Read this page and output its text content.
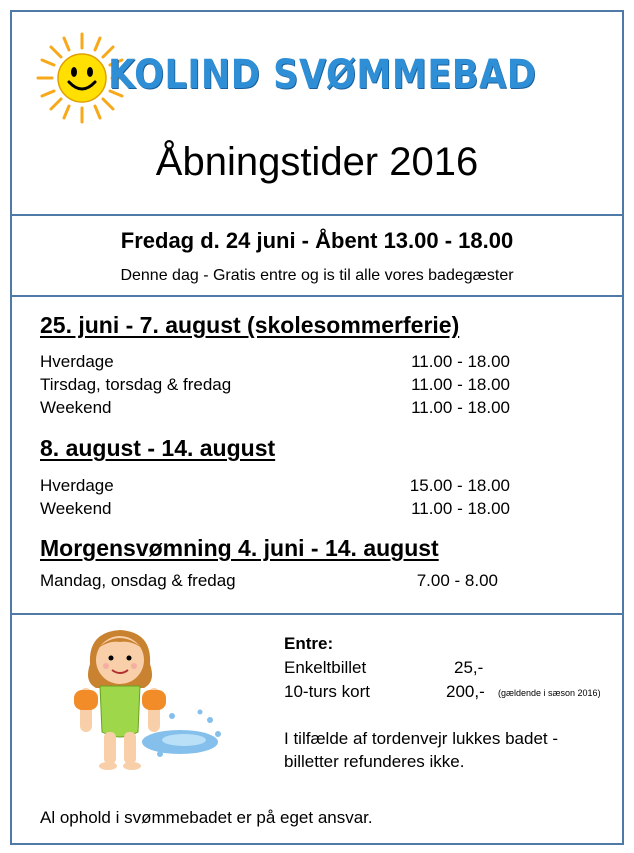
KOLIND SVØMMEBAD
Åbningstider 2016
Fredag d. 24 juni - Åbent 13.00 - 18.00
Denne dag - Gratis entre og is til alle vores badegæster
25. juni - 7. august (skolesommerferie)
Hverdage	11.00 - 18.00
Tirsdag, torsdag & fredag	11.00 - 18.00
Weekend	11.00 - 18.00
8. august - 14. august
Hverdage	15.00 - 18.00
Weekend	11.00 - 18.00
Morgensvømning 4. juni - 14. august
Mandag, onsdag & fredag	7.00 - 8.00
Entre:
Enkeltbillet	25,-
10-turs kort	200,- (gældende i sæson 2016)
I tilfælde af tordenvejr lukkes badet -
billetter refunderes ikke.
Al ophold i svømmebadet er på eget ansvar.
